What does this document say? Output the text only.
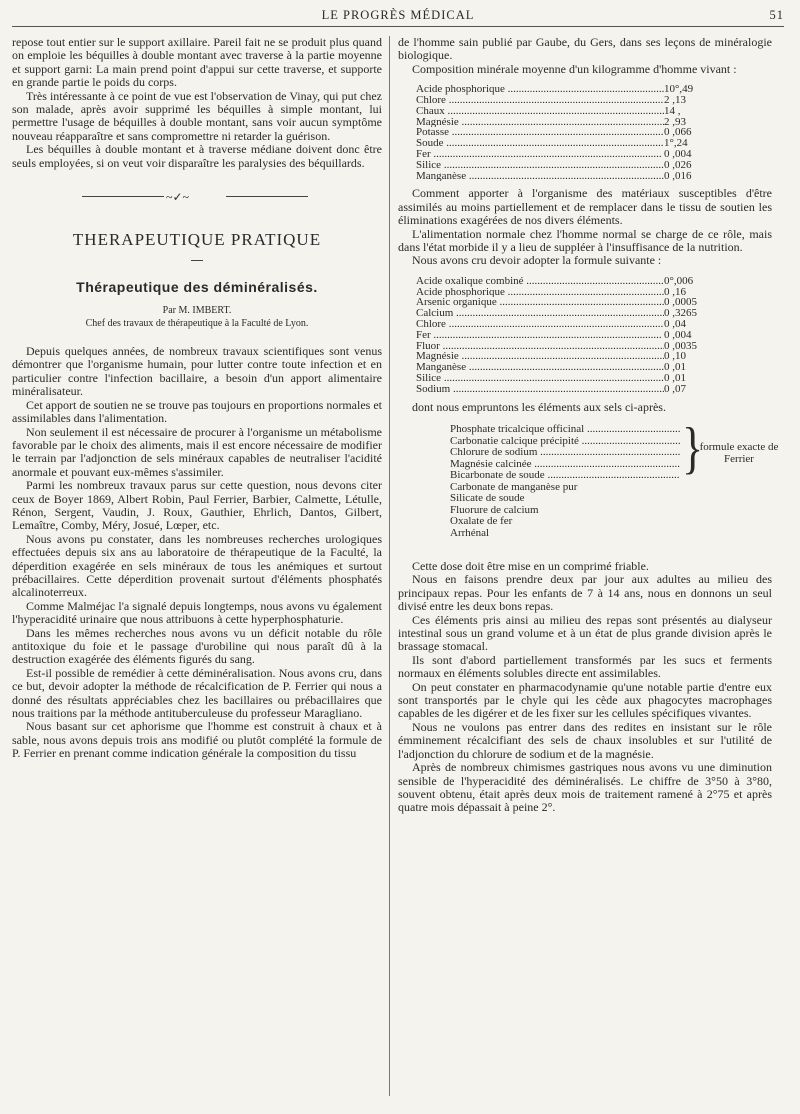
LE PROGRÈS MÉDICAL	51

repose tout entier sur le support axillaire. Pareil fait ne se produit plus quand on emploie les béquilles à double montant avec traverse à la partie moyenne et support garni: La main prend point d'appui sur cette traverse, et supporte en grande partie le poids du corps.

Très intéressante à ce point de vue est l'observation de Vinay, qui put chez son malade, après avoir supprimé les béquilles à simple montant, lui permettre l'usage de béquilles à double montant, sans voir aucun symptôme nouveau réapparaître et sans compromettre ni retarder la guérison.

Les béquilles à double montant et à traverse médiane doivent donc être seuls employées, si on veut voir disparaître les paralysies des béquillards.

~✓~
THERAPEUTIQUE PRATIQUE
Thérapeutique des déminéralisés.
Par M. IMBERT.
Chef des travaux de thérapeutique à la Faculté de Lyon.

Depuis quelques années, de nombreux travaux scientifiques sont venus démontrer que l'organisme humain, pour lutter contre toute infection et en particulier contre l'infection bacillaire, a besoin d'un apport alimentaire minéralisateur.

Cet apport de soutien ne se trouve pas toujours en proportions normales et assimilables dans l'alimentation.

Non seulement il est nécessaire de procurer à l'organisme un métabolisme favorable par le choix des aliments, mais il est encore nécessaire de modifier le terrain par l'adjonction de sels minéraux capables de neutraliser l'acidité anormale et pouvant eux-mêmes s'assimiler.

Parmi les nombreux travaux parus sur cette question, nous devons citer ceux de Boyer 1869, Albert Robin, Paul Ferrier, Barbier, Calmette, Létulle, Rénon, Sergent, Vaudin, J. Roux, Gauthier, Ehrlich, Dantos, Gilbert, Lemaître, Comby, Méry, Josué, Lœper, etc.

Nous avons pu constater, dans les nombreuses recherches urologiques effectuées depuis six ans au laboratoire de thérapeutique de la Faculté, la déperdition exagérée en sels minéraux de tous les anémiques et surtout prébacillaires. Cette déperdition provenait surtout d'éléments phosphatés alcalinoterreux.

Comme Malméjac l'a signalé depuis longtemps, nous avons vu également l'hyperacidité urinaire que nous attribuons à cette hyperphosphaturie.

Dans les mêmes recherches nous avons vu un déficit notable du rôle antitoxique du foie et le passage d'urobiline qui nous paraît dû à la destruction exagérée des éléments figurés du sang.

Est-il possible de remédier à cette déminéralisation. Nous avons cru, dans ce but, devoir adopter la méthode de récalcification de P. Ferrier qui nous a donné des résultats appréciables chez les bacillaires ou prébacillaires que nous traitions par la méthode antituberculeuse du professeur Maragliano.

Nous basant sur cet aphorisme que l'homme est construit à chaux et à sable, nous avons depuis trois ans modifié ou plutôt complété la formule de P. Ferrier en prenant comme indication générale la composition du tissu

de l'homme sain publié par Gaube, du Gers, dans ses leçons de minéralogie biologique.

Composition minérale moyenne d'un kilogramme d'homme vivant :

Acide phosphorique .....	10°,49
Chlore .....	2 ,13
Chaux .....	14 ,
Magnésie .....	2 ,93
Potasse .....	0 ,066
Soude .....	1°,24
Fer .....	0 ,004
Silice .....	0 ,026
Manganèse .....	0 ,016

Comment apporter à l'organisme des matériaux susceptibles d'être assimilés au moins partiellement et de remplacer dans le tissu de soutien les éliminations exagérées de nos divers éléments.

L'alimentation normale chez l'homme normal se charge de ce rôle, mais dans l'état morbide il y a lieu de suppléer à l'insuffisance de la nutrition.

Nous avons cru devoir adopter la formule suivante :

Acide oxalique combiné .....	0°,006
Acide phosphorique .....	0 ,16
Arsenic organique .....	0 ,0005
Calcium .....	0 ,3265
Chlore .....	0 ,04
Fer .....	0 ,004
Fluor .....	0 ,0035
Magnésie .....	0 ,10
Manganèse .....	0 ,01
Silice .....	0 ,01
Sodium .....	0 ,07

dont nous empruntons les éléments aux sels ci-après.

Phosphate tricalcique officinal .....
Carbonatie calcique précipité .....
Chlorure de sodium .....
Magnésie calcinée .....
Bicarbonate de soude .....
Carbonate de manganèse pur
Silicate de soude
Fluorure de calcium
Oxalate de fer
Arrhénal
}
formule exacte de Ferrier

Cette dose doit être mise en un comprimé friable.

Nous en faisons prendre deux par jour aux adultes au milieu des principaux repas. Pour les enfants de 7 à 14 ans, nous en donnons un seul divisé entre les deux bons repas.

Ces éléments pris ainsi au milieu des repas sont présentés au dialyseur intestinal sous un grand volume et à un état de plus grande division après le brassage stomacal.

Ils sont d'abord partiellement transformés par les sucs et ferments normaux en éléments solubles directe ent assimilables.

On peut constater en pharmacodynamie qu'une notable partie d'entre eux sont transportés par le chyle qui les cède aux phagocytes macrophages capables de les digérer et de les fixer sur les cellules spécifiques vivantes.

Nous ne voulons pas entrer dans des redites en insistant sur le rôle émminement récalcifiant des sels de chaux insolubles et sur l'utilité de l'adjonction du chlorure de sodium et de la magnésie.

Après de nombreux chimismes gastriques nous avons vu une diminution sensible de l'hyperacidité des déminéralisés. Le chiffre de 3°50 à 3°80, souvent obtenu, était après deux mois de traitement ramené à 2°75 et après quatre mois dépassait à peine 2°.
